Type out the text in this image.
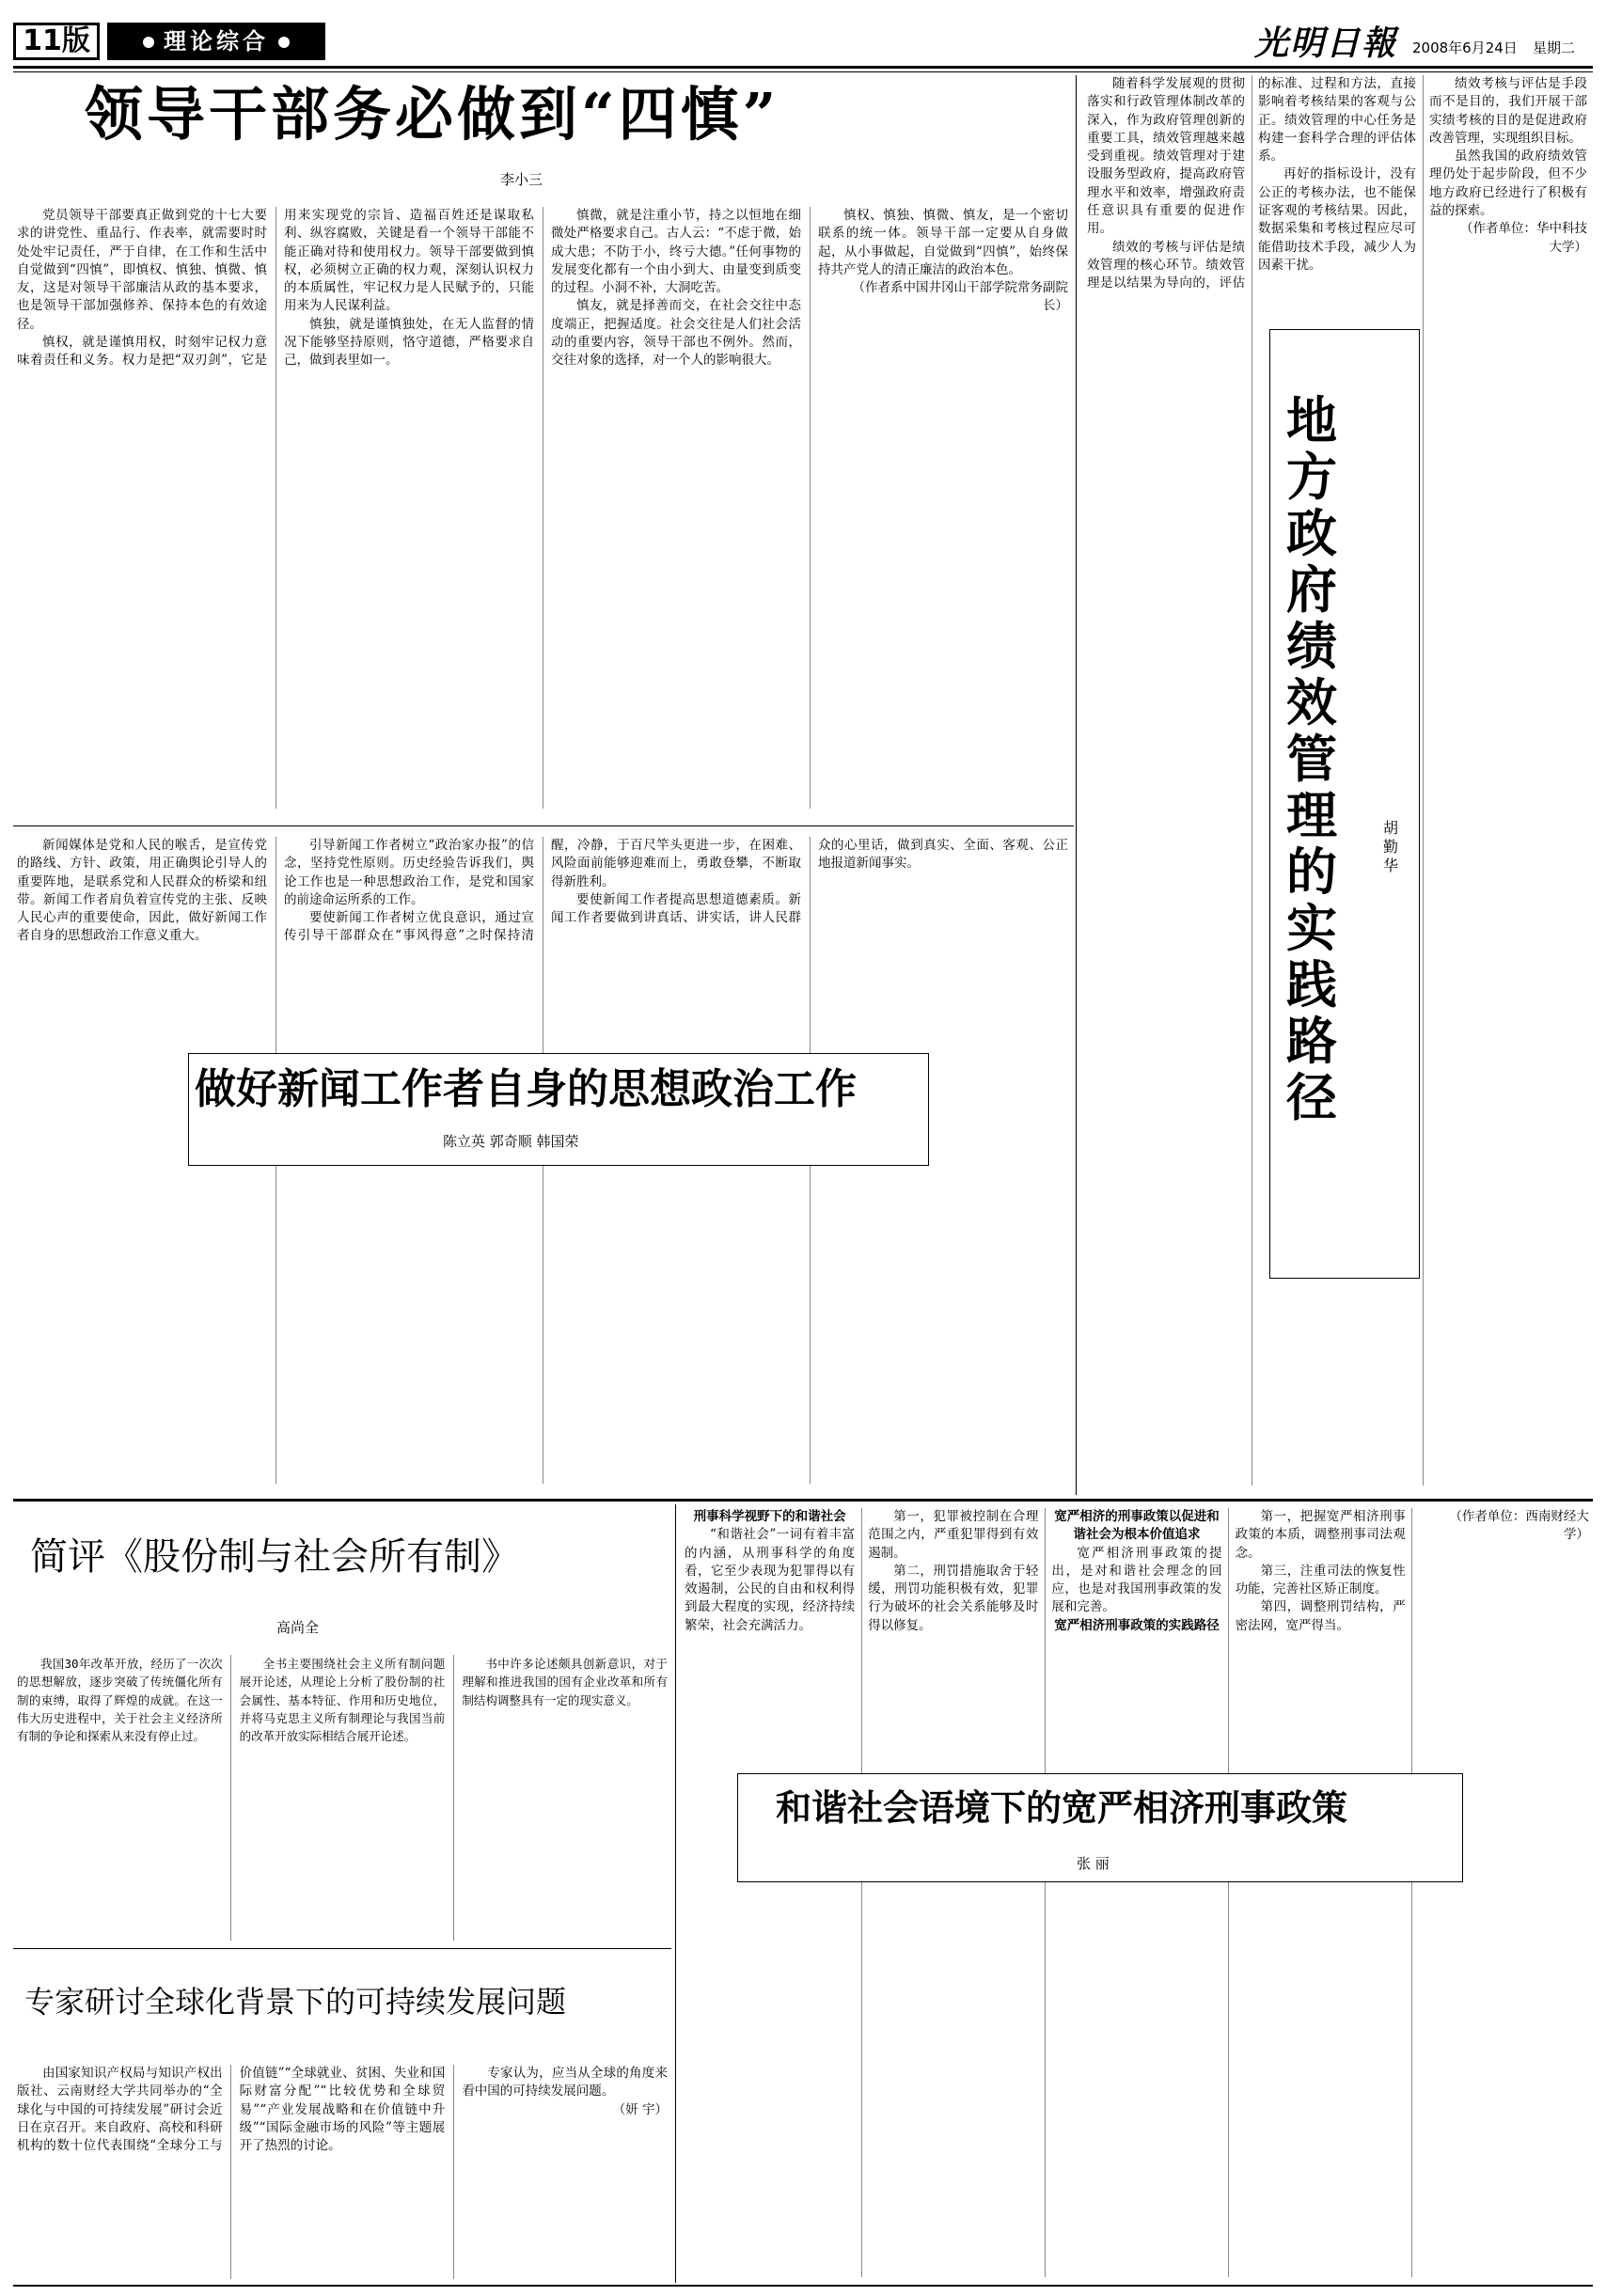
11版	理论综合	光明日報 2008年6月24日 星期二
领导干部务必做到“四慎”
李小三

党员领导干部要真正做到党的十七大要求的讲党性、重品行、作表率，就需要时时处处牢记责任，严于自律，在工作和生活中自觉做到“四慎”，即慎权、慎独、慎微、慎友，这是对领导干部廉洁从政的基本要求，也是领导干部加强修养、保持本色的有效途径。

慎权，就是谨慎用权，时刻牢记权力意味着责任和义务。权力是把“双刃剑”，它是用来实现党的宗旨、造福百姓还是谋取私利、纵容腐败，关键是看一个领导干部能不能正确对待和使用权力。领导干部要做到慎权，必须树立正确的权力观，深刻认识权力的本质属性，牢记权力是人民赋予的，只能用来为人民谋利益。

慎独，就是谨慎独处，在无人监督的情况下能够坚持原则，恪守道德，严格要求自己，做到表里如一。

慎微，就是注重小节，持之以恒地在细微处严格要求自己。古人云：“不虑于微，始成大患；不防于小，终亏大德。”任何事物的发展变化都有一个由小到大、由量变到质变的过程。小洞不补，大洞吃苦。

慎友，就是择善而交，在社会交往中态度端正，把握适度。社会交往是人们社会活动的重要内容，领导干部也不例外。然而，交往对象的选择，对一个人的影响很大。

慎权、慎独、慎微、慎友，是一个密切联系的统一体。领导干部一定要从自身做起，从小事做起，自觉做到“四慎”，始终保持共产党人的清正廉洁的政治本色。

（作者系中国井冈山干部学院常务副院长）

随着科学发展观的贯彻落实和行政管理体制改革的深入，作为政府管理创新的重要工具，绩效管理越来越受到重视。绩效管理对于建设服务型政府，提高政府管理水平和效率，增强政府责任意识具有重要的促进作用。

绩效的考核与评估是绩效管理的核心环节。绩效管理是以结果为导向的，评估的标准、过程和方法，直接影响着考核结果的客观与公正。绩效管理的中心任务是构建一套科学合理的评估体系。

再好的指标设计，没有公正的考核办法，也不能保证客观的考核结果。因此，数据采集和考核过程应尽可能借助技术手段，减少人为因素干扰。

绩效考核与评估是手段而不是目的，我们开展干部实绩考核的目的是促进政府改善管理，实现组织目标。

虽然我国的政府绩效管理仍处于起步阶段，但不少地方政府已经进行了积极有益的探索。

（作者单位：华中科技大学）

地方政府绩效管理的实践路径
胡勤华

新闻媒体是党和人民的喉舌，是宣传党的路线、方针、政策，用正确舆论引导人的重要阵地，是联系党和人民群众的桥梁和纽带。新闻工作者肩负着宣传党的主张、反映人民心声的重要使命，因此，做好新闻工作者自身的思想政治工作意义重大。

引导新闻工作者树立“政治家办报”的信念，坚持党性原则。历史经验告诉我们，舆论工作也是一种思想政治工作，是党和国家的前途命运所系的工作。

要使新闻工作者树立优良意识，通过宣传引导干部群众在“事风得意”之时保持清醒，冷静，于百尺竿头更进一步，在困难、风险面前能够迎难而上，勇敢登攀，不断取得新胜利。

要使新闻工作者提高思想道德素质。新闻工作者要做到讲真话、讲实话，讲人民群众的心里话，做到真实、全面、客观、公正地报道新闻事实。

做好新闻工作者自身的思想政治工作
陈立英 郭奇顺 韩国荣
简评《股份制与社会所有制》
高尚全

我国30年改革开放，经历了一次次的思想解放，逐步突破了传统僵化所有制的束缚，取得了辉煌的成就。在这一伟大历史进程中，关于社会主义经济所有制的争论和探索从来没有停止过。

全书主要围绕社会主义所有制问题展开论述，从理论上分析了股份制的社会属性、基本特征、作用和历史地位，并将马克思主义所有制理论与我国当前的改革开放实际相结合展开论述。

书中许多论述颇具创新意识，对于理解和推进我国的国有企业改革和所有制结构调整具有一定的现实意义。

专家研讨全球化背景下的可持续发展问题

由国家知识产权局与知识产权出版社、云南财经大学共同举办的“全球化与中国的可持续发展”研讨会近日在京召开。来自政府、高校和科研机构的数十位代表围绕“全球分工与价值链”“全球就业、贫困、失业和国际财富分配”“比较优势和全球贸易”“产业发展战略和在价值链中升级”“国际金融市场的风险”等主题展开了热烈的讨论。

专家认为，应当从全球的角度来看中国的可持续发展问题。

（妍 宇）

刑事科学视野下的和谐社会

“和谐社会”一词有着丰富的内涵，从刑事科学的角度看，它至少表现为犯罪得以有效遏制，公民的自由和权利得到最大程度的实现，经济持续繁荣，社会充满活力。

第一，犯罪被控制在合理范围之内，严重犯罪得到有效遏制。

第二，刑罚措施取舍于轻缓，刑罚功能积极有效，犯罪行为破坏的社会关系能够及时得以修复。

宽严相济的刑事政策以促进和谐社会为根本价值追求

宽严相济刑事政策的提出，是对和谐社会理念的回应，也是对我国刑事政策的发展和完善。

宽严相济刑事政策的实践路径

第一，把握宽严相济刑事政策的本质，调整刑事司法观念。

第三，注重司法的恢复性功能，完善社区矫正制度。

第四，调整刑罚结构，严密法网，宽严得当。

（作者单位：西南财经大学）

和谐社会语境下的宽严相济刑事政策
张 丽
